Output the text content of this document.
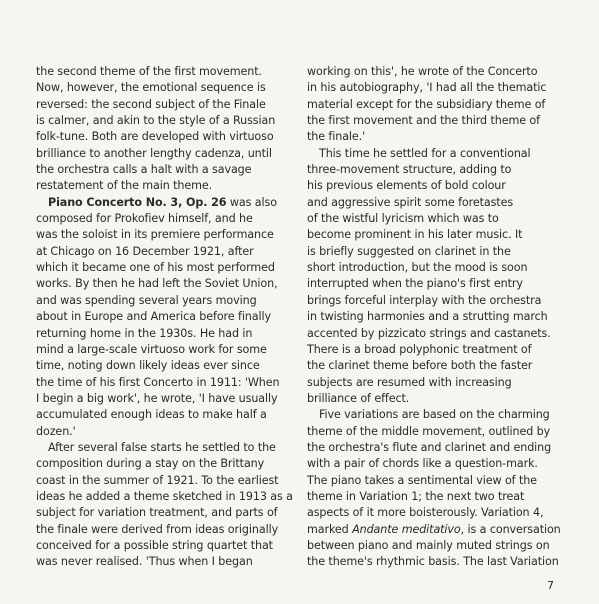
the second theme of the first movement.
Now, however, the emotional sequence is
reversed: the second subject of the Finale
is calmer, and akin to the style of a Russian
folk-tune. Both are developed with virtuoso
brilliance to another lengthy cadenza, until
the orchestra calls a halt with a savage
restatement of the main theme.
Piano Concerto No. 3, Op. 26 was also
composed for Prokofiev himself, and he
was the soloist in its premiere performance
at Chicago on 16 December 1921, after
which it became one of his most performed
works. By then he had left the Soviet Union,
and was spending several years moving
about in Europe and America before finally
returning home in the 1930s. He had in
mind a large-scale virtuoso work for some
time, noting down likely ideas ever since
the time of his first Concerto in 1911: 'When
I begin a big work', he wrote, 'I have usually
accumulated enough ideas to make half a
dozen.'
After several false starts he settled to the
composition during a stay on the Brittany
coast in the summer of 1921. To the earliest
ideas he added a theme sketched in 1913 as a
subject for variation treatment, and parts of
the finale were derived from ideas originally
conceived for a possible string quartet that
was never realised. 'Thus when I began
working on this', he wrote of the Concerto
in his autobiography, 'I had all the thematic
material except for the subsidiary theme of
the first movement and the third theme of
the finale.'
This time he settled for a conventional
three-movement structure, adding to
his previous elements of bold colour
and aggressive spirit some foretastes
of the wistful lyricism which was to
become prominent in his later music. It
is briefly suggested on clarinet in the
short introduction, but the mood is soon
interrupted when the piano's first entry
brings forceful interplay with the orchestra
in twisting harmonies and a strutting march
accented by pizzicato strings and castanets.
There is a broad polyphonic treatment of
the clarinet theme before both the faster
subjects are resumed with increasing
brilliance of effect.
Five variations are based on the charming
theme of the middle movement, outlined by
the orchestra's flute and clarinet and ending
with a pair of chords like a question-mark.
The piano takes a sentimental view of the
theme in Variation 1; the next two treat
aspects of it more boisterously. Variation 4,
marked Andante meditativo, is a conversation
between piano and mainly muted strings on
the theme's rhythmic basis. The last Variation
7
